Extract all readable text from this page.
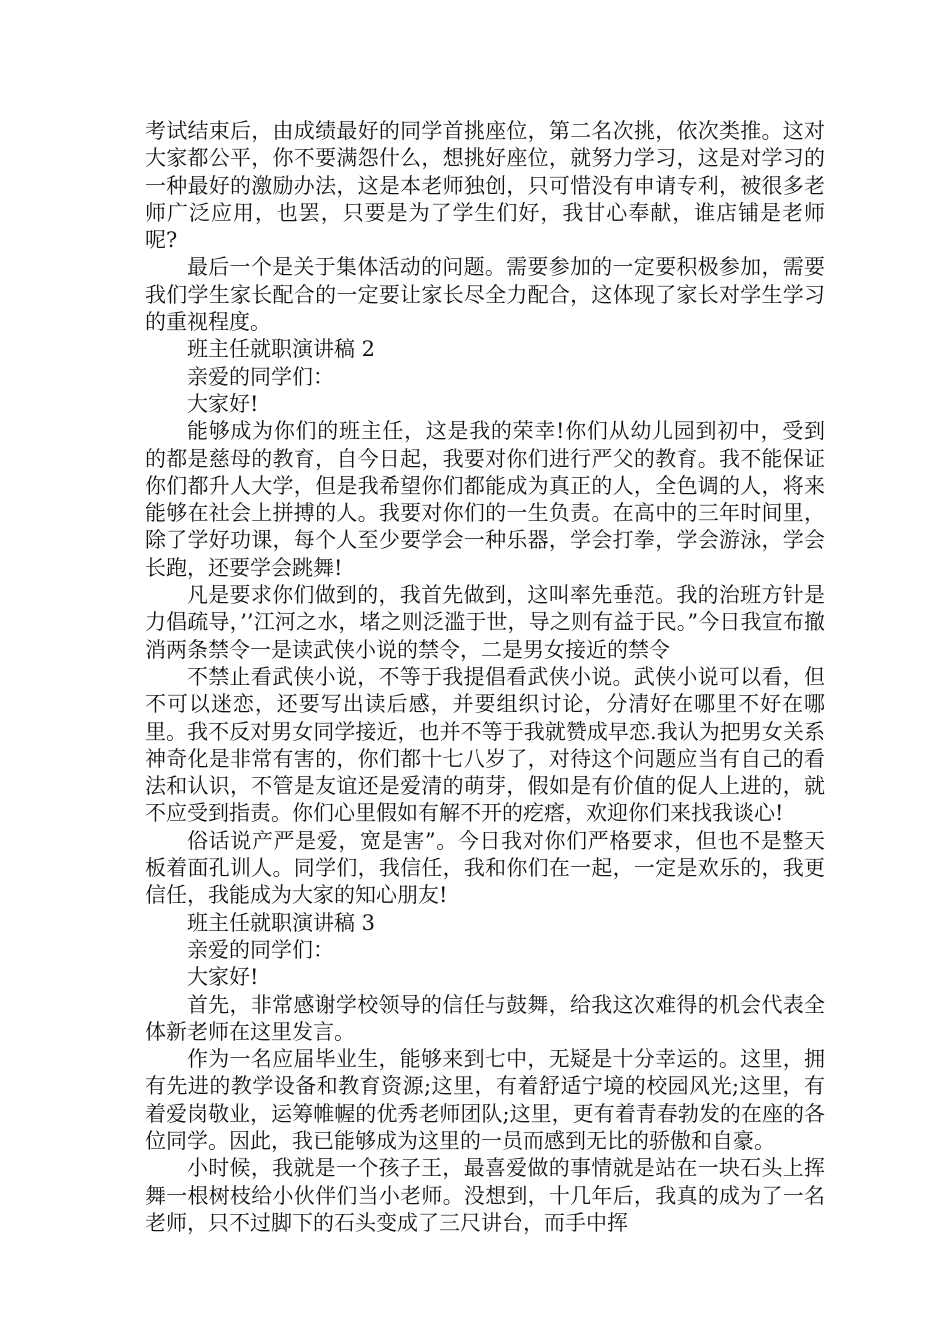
考试结束后，由成绩最好的同学首挑座位，第二名次挑，依次类推。这对大家都公平，你不要满怨什么，想挑好座位，就努力学习，这是对学习的一种最好的激励办法，这是本老师独创，只可惜没有申请专利，被很多老师广泛应用，也罢，只要是为了学生们好，我甘心奉献，谁店铺是老师呢?

最后一个是关于集体活动的问题。需要参加的一定要积极参加，需要我们学生家长配合的一定要让家长尽全力配合，这体现了家长对学生学习的重视程度。

班主任就职演讲稿 2

亲爱的同学们：

大家好!

能够成为你们的班主任，这是我的荣幸!你们从幼儿园到初中，受到的都是慈母的教育，自今日起，我要对你们进行严父的教育。我不能保证你们都升人大学，但是我希望你们都能成为真正的人，全色调的人，将来能够在社会上拼搏的人。我要对你们的一生负责。在高中的三年时间里，除了学好功课，每个人至少要学会一种乐器，学会打拳，学会游泳，学会长跑，还要学会跳舞!

凡是要求你们做到的，我首先做到，这叫率先垂范。我的治班方针是力倡疏导，’’江河之水，堵之则泛滥于世，导之则有益于民。”今日我宣布撤消两条禁令一是读武侠小说的禁令，二是男女接近的禁令

不禁止看武侠小说，不等于我提倡看武侠小说。武侠小说可以看，但不可以迷恋，还要写出读后感，并要组织讨论，分清好在哪里不好在哪里。我不反对男女同学接近，也并不等于我就赞成早恋.我认为把男女关系神奇化是非常有害的，你们都十七八岁了，对待这个问题应当有自己的看法和认识，不管是友谊还是爱清的萌芽，假如是有价值的促人上进的，就不应受到指责。你们心里假如有解不开的疙瘩，欢迎你们来找我谈心!

俗话说产严是爱，宽是害”。今日我对你们严格要求，但也不是整天板着面孔训人。同学们，我信任，我和你们在一起，一定是欢乐的，我更信任，我能成为大家的知心朋友!

班主任就职演讲稿 3

亲爱的同学们：

大家好!

首先，非常感谢学校领导的信任与鼓舞，给我这次难得的机会代表全体新老师在这里发言。

作为一名应届毕业生，能够来到七中，无疑是十分幸运的。这里，拥有先进的教学设备和教育资源;这里，有着舒适宁境的校园风光;这里，有着爱岗敬业，运筹帷幄的优秀老师团队;这里，更有着青春勃发的在座的各位同学。因此，我已能够成为这里的一员而感到无比的骄傲和自豪。

小时候，我就是一个孩子王，最喜爱做的事情就是站在一块石头上挥舞一根树枝给小伙伴们当小老师。没想到，十几年后，我真的成为了一名老师，只不过脚下的石头变成了三尺讲台，而手中挥
